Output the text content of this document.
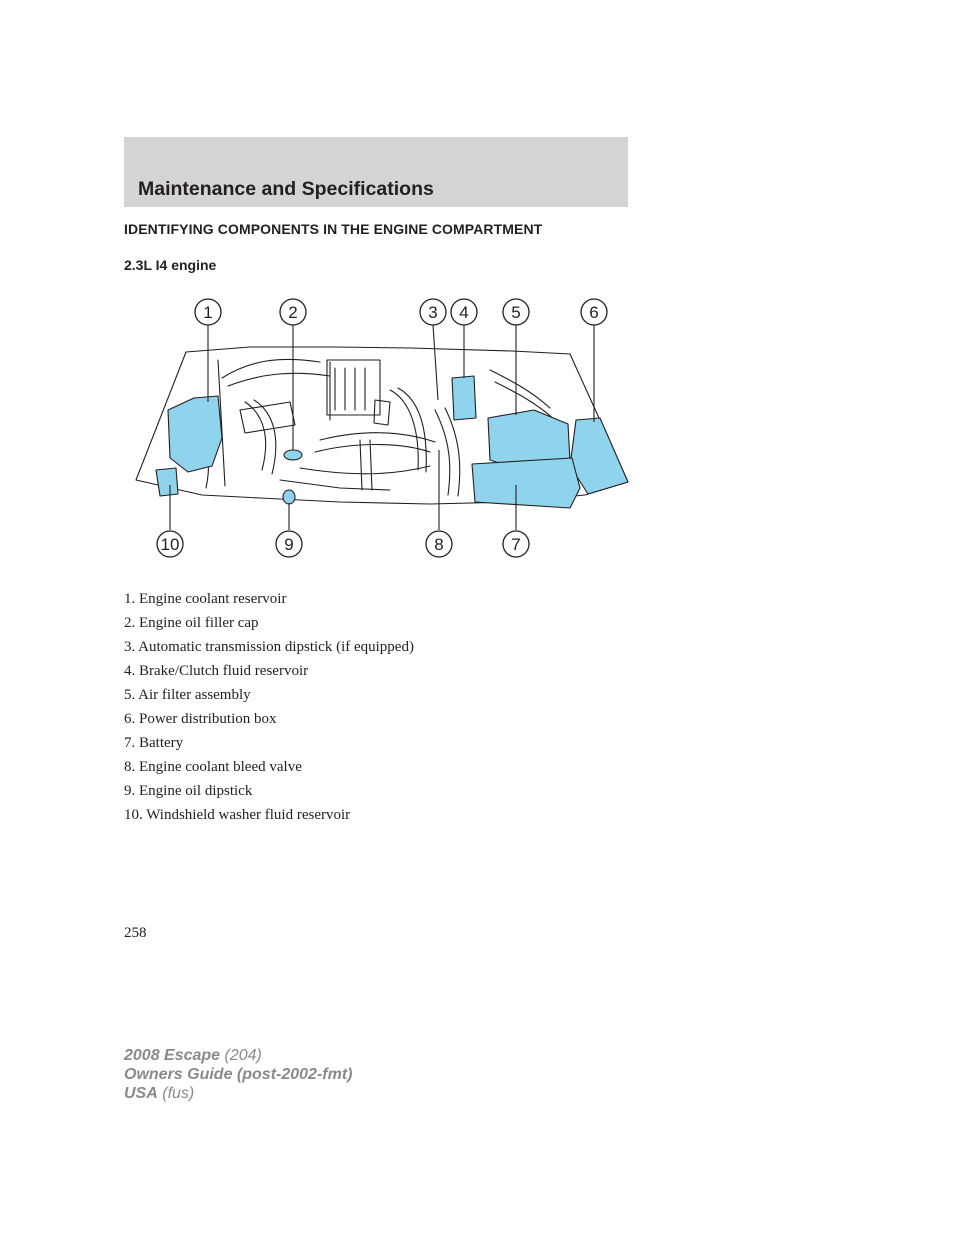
Maintenance and Specifications
IDENTIFYING COMPONENTS IN THE ENGINE COMPARTMENT
2.3L I4 engine
1	2	3 4	5	6
10	9	8	7
1. Engine coolant reservoir
2. Engine oil filler cap
3. Automatic transmission dipstick (if equipped)
4. Brake/Clutch fluid reservoir
5. Air filter assembly
6. Power distribution box
7. Battery
8. Engine coolant bleed valve
9. Engine oil dipstick
10. Windshield washer fluid reservoir
258
2008 Escape (204)
Owners Guide (post-2002-fmt)
USA (fus)
